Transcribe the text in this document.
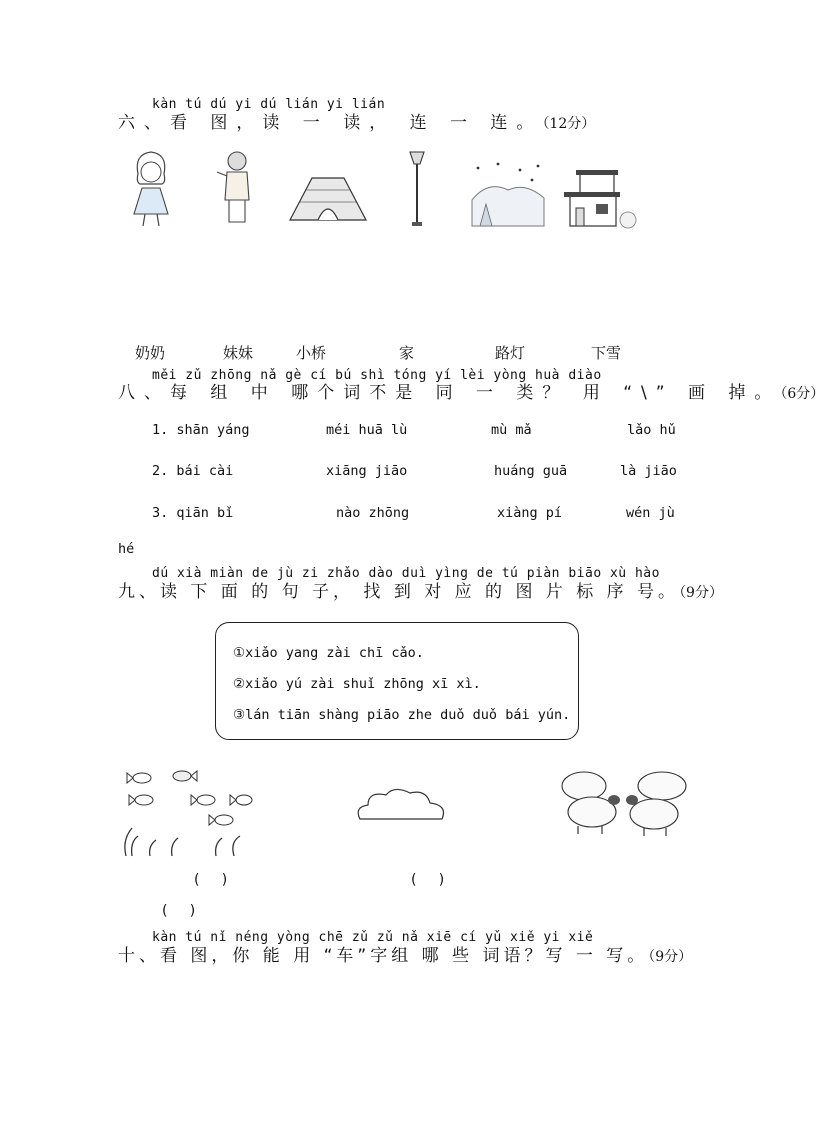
kàn tú dú yi dú lián yi lián
六、看 图，读 一 读， 连 一 连。（12分）
奶奶	妹妹	小桥	家	路灯	下雪
měi zǔ zhōng nǎ gè cí bú shì tóng yí lèi yòng huà diào
八、每 组 中 哪个词不是 同 一 类？ 用 “\” 画 掉。（6分）
1. shān yáng	méi huā lù	mù mǎ	lǎo hǔ
2. bái cài	xiāng jiāo	huáng guā	là jiāo
3. qiān bǐ	nào zhōng	xiàng pí	wén jù
hé
dú xià miàn de jù zi zhǎo dào duì yìng de tú piàn biāo xù hào
九、读 下 面 的 句 子， 找 到 对 应 的 图 片 标 序 号。（9分）
①xiǎo yang zài chī cǎo.
②xiǎo yú zài shuǐ zhōng xī xì.
③lán tiān shàng piāo zhe duǒ duǒ bái yún.
(     )	(     )
(     )
kàn tú nǐ néng yòng chē zǔ zǔ nǎ xiē cí yǔ xiě yi xiě
十、看 图，你 能 用 “车”字组 哪 些 词语？写 一 写。（9分）
